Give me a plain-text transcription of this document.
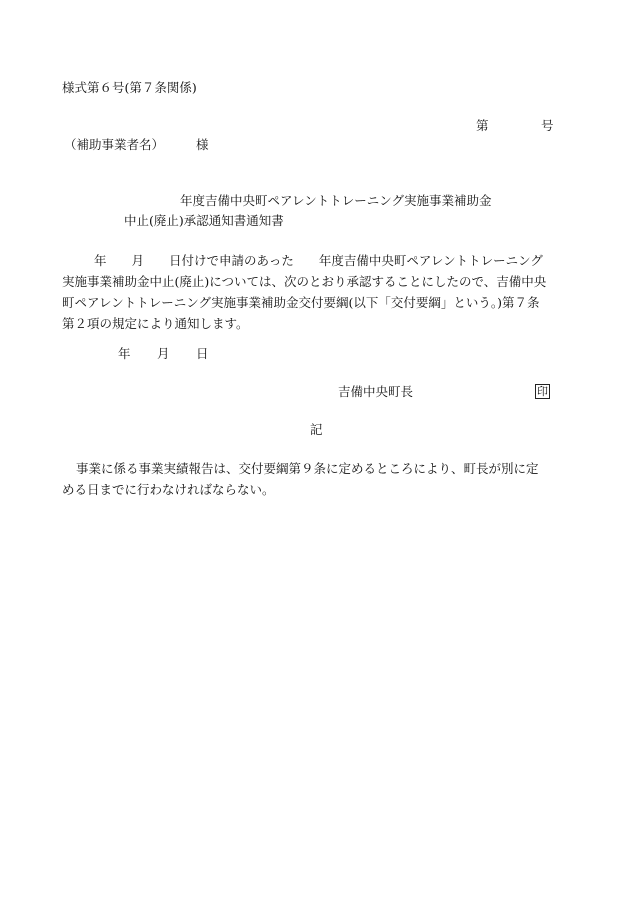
様式第６号(第７条関係)
第	号
（補助事業者名）	様
年度吉備中央町ペアレントトレーニング実施事業補助金
中止(廃止)承認通知書通知書
年　　月　　日付けで申請のあった　　年度吉備中央町ペアレントトレーニング
実施事業補助金中止(廃止)については、次のとおり承認することにしたので、吉備中央
町ペアレントトレーニング実施事業補助金交付要綱(以下「交付要綱」という。)第７条
第２項の規定により通知します。
年 月 日
吉備中央町長	印
記
事業に係る事業実績報告は、交付要綱第９条に定めるところにより、町長が別に定
める日までに行わなければならない。
